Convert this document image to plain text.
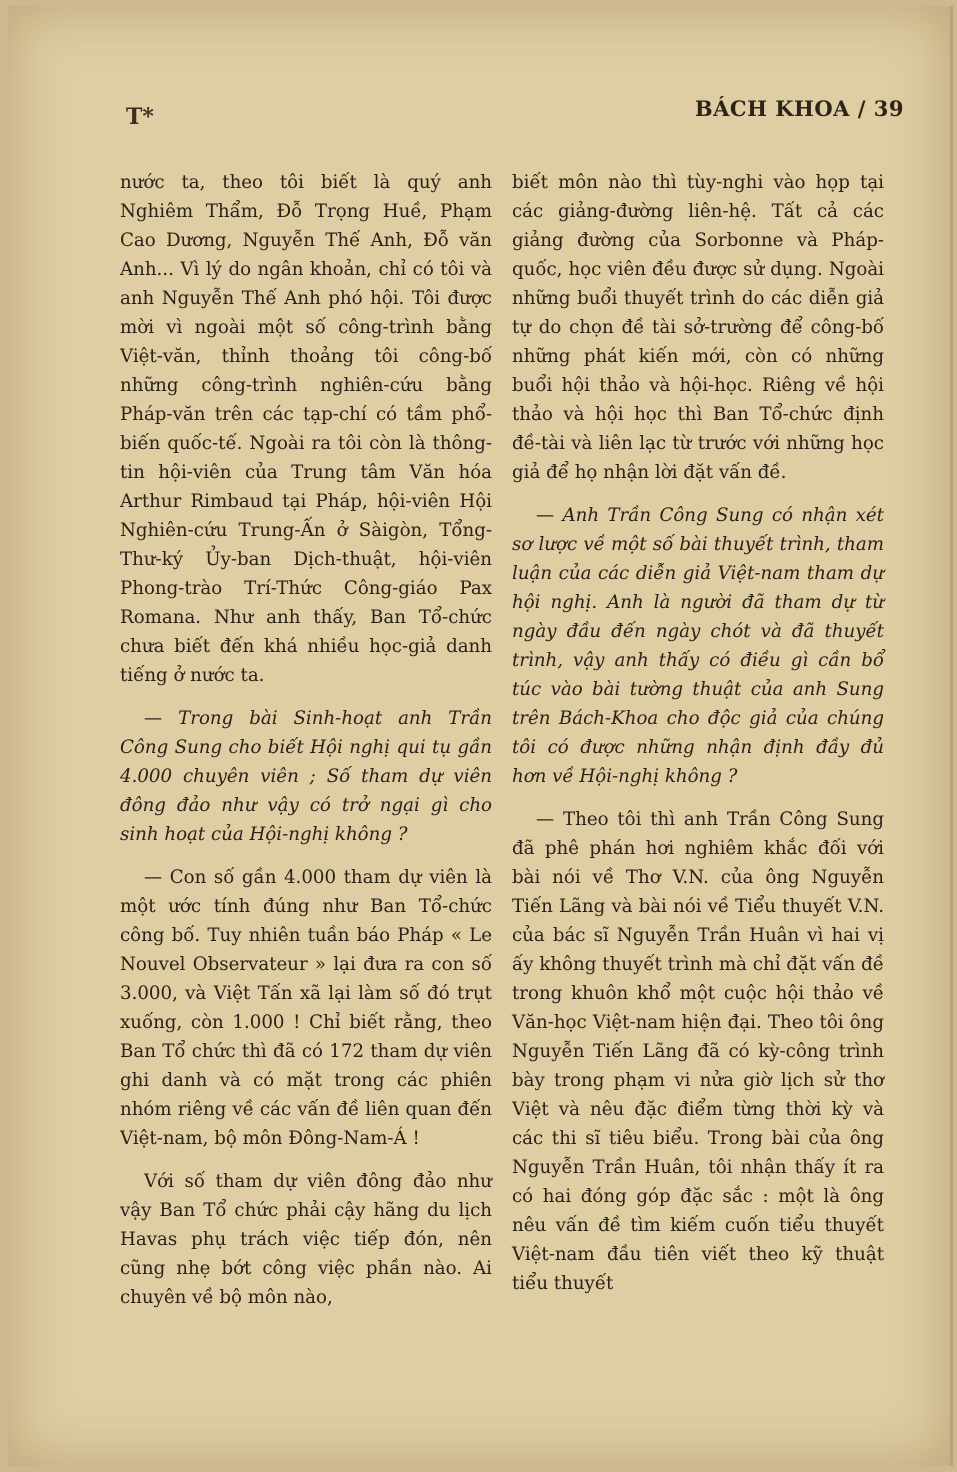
T*	BÁCH KHOA / 39

nước ta, theo tôi biết là quý anh Nghiêm Thẩm, Đỗ Trọng Huề, Phạm Cao Dương, Nguyễn Thế Anh, Đỗ văn Anh... Vì lý do ngân khoản, chỉ có tôi và anh Nguyễn Thế Anh phó hội. Tôi được mời vì ngoài một số công-trình bằng Việt-văn, thỉnh thoảng tôi công-bố những công-trình nghiên-cứu bằng Pháp-văn trên các tạp-chí có tầm phổ-biến quốc-tế. Ngoài ra tôi còn là thông-tin hội-viên của Trung tâm Văn hóa Arthur Rimbaud tại Pháp, hội-viên Hội Nghiên-cứu Trung-Ấn ở Sàigòn, Tổng-Thư-ký Ủy-ban Dịch-thuật, hội-viên Phong-trào Trí-Thức Công-giáo Pax Romana. Như anh thấy, Ban Tổ-chức chưa biết đến khá nhiều học-giả danh tiếng ở nước ta.

— Trong bài Sinh-hoạt anh Trần Công Sung cho biết Hội nghị qui tụ gần 4.000 chuyên viên ; Số tham dự viên đông đảo như vậy có trở ngại gì cho sinh hoạt của Hội-nghị không ?

— Con số gần 4.000 tham dự viên là một ước tính đúng như Ban Tổ-chức công bố. Tuy nhiên tuần báo Pháp « Le Nouvel Observateur » lại đưa ra con số 3.000, và Việt Tấn xã lại làm số đó trụt xuống, còn 1.000 ! Chỉ biết rằng, theo Ban Tổ chức thì đã có 172 tham dự viên ghi danh và có mặt trong các phiên nhóm riêng về các vấn đề liên quan đến Việt-nam, bộ môn Đông-Nam-Á !

Với số tham dự viên đông đảo như vậy Ban Tổ chức phải cậy hãng du lịch Havas phụ trách việc tiếp đón, nên cũng nhẹ bớt công việc phần nào. Ai chuyên về bộ môn nào,

biết môn nào thì tùy-nghi vào họp tại các giảng-đường liên-hệ. Tất cả các giảng đường của Sorbonne và Pháp-quốc, học viên đều được sử dụng. Ngoài những buổi thuyết trình do các diễn giả tự do chọn đề tài sở-trường để công-bố những phát kiến mới, còn có những buổi hội thảo và hội-học. Riêng về hội thảo và hội học thì Ban Tổ-chức định đề-tài và liên lạc từ trước với những học giả để họ nhận lời đặt vấn đề.

— Anh Trần Công Sung có nhận xét sơ lược về một số bài thuyết trình, tham luận của các diễn giả Việt-nam tham dự hội nghị. Anh là người đã tham dự từ ngày đầu đến ngày chót và đã thuyết trình, vậy anh thấy có điều gì cần bổ túc vào bài tường thuật của anh Sung trên Bách-Khoa cho độc giả của chúng tôi có được những nhận định đầy đủ hơn về Hội-nghị không ?

— Theo tôi thì anh Trần Công Sung đã phê phán hơi nghiêm khắc đối với bài nói về Thơ V.N. của ông Nguyễn Tiến Lãng và bài nói về Tiểu thuyết V.N. của bác sĩ Nguyễn Trần Huân vì hai vị ấy không thuyết trình mà chỉ đặt vấn đề trong khuôn khổ một cuộc hội thảo về Văn-học Việt-nam hiện đại. Theo tôi ông Nguyễn Tiến Lãng đã có kỳ-công trình bày trong phạm vi nửa giờ lịch sử thơ Việt và nêu đặc điểm từng thời kỳ và các thi sĩ tiêu biểu. Trong bài của ông Nguyễn Trần Huân, tôi nhận thấy ít ra có hai đóng góp đặc sắc : một là ông nêu vấn đề tìm kiếm cuốn tiểu thuyết Việt-nam đầu tiên viết theo kỹ thuật tiểu thuyết
